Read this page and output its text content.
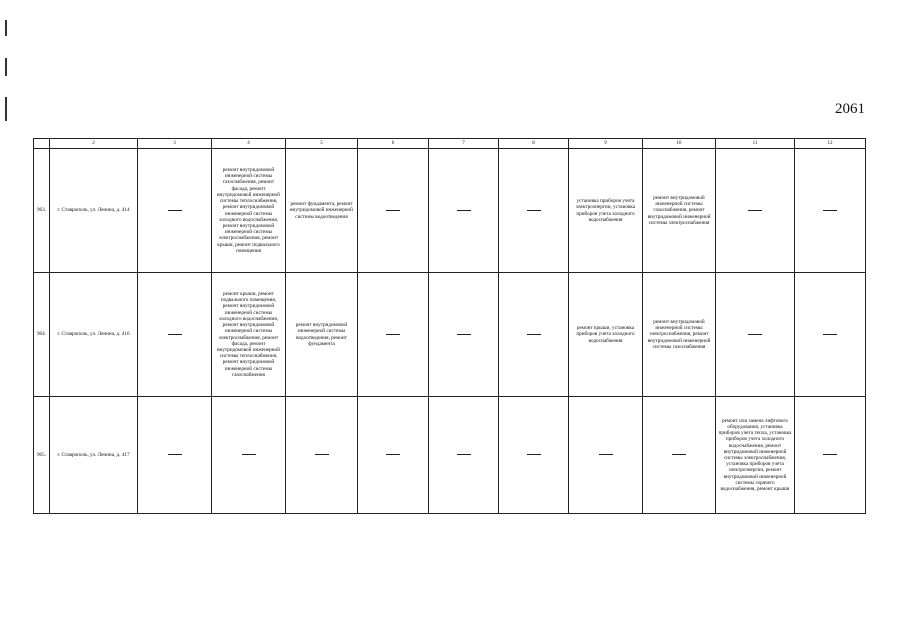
2061
	2	3	4	5	6	7	8	9	10	11	12
963.	г. Ставрополь, ул. Ленина, д. 414		ремонт внутридомовой инженерной системы газоснабжения, ремонт фасада, ремонт внутридомовой инженерной системы теплоснабжения, ремонт внутридомовой инженерной системы холодного водоснабжения, ремонт внутридомовой инженерной системы электроснабжения, ремонт крыши, ремонт подвального помещения	ремонт фундамента, ремонт внутридомовой инженерной системы водоотведения				установка приборов учета электроэнергии, установка приборов учета холодного водоснабжения	ремонт внутридомовой инженерной системы газоснабжения, ремонт внутридомовой инженерной системы электроснабжения		
964.	г. Ставрополь, ул. Ленина, д. 416		ремонт крыши, ремонт подвального помещения, ремонт внутридомовой инженерной системы холодного водоснабжения, ремонт внутридомовой инженерной системы электроснабжения, ремонт фасада, ремонт внутридомовой инженерной системы теплоснабжения, ремонт внутридомовой инженерной системы газоснабжения	ремонт внутридомовой инженерной системы водоотведения, ремонт фундамента				ремонт крыши, установка приборов учета холодного водоснабжения	ремонт внутридомовой инженерной системы электроснабжения, ремонт внутридомовой инженерной системы газоснабжения		
965.	г. Ставрополь, ул. Ленина, д. 417									ремонт или замена лифтового оборудования, установка приборов учета тепла, установка приборов учета холодного водоснабжения, ремонт внутридомовой инженерной системы электроснабжения, установка приборов учета электроэнергии, ремонт внутридомовой инженерной системы горячего водоснабжения, ремонт крыши	
